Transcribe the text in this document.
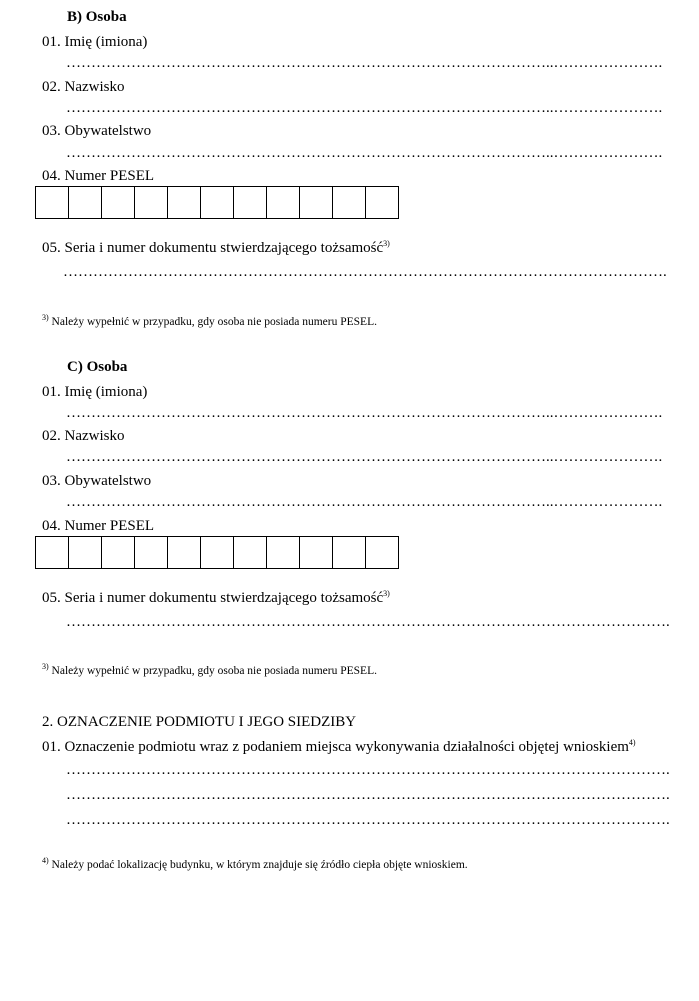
B) Osoba
01. Imię (imiona)
……………………………………………………………………………………..………………….
02. Nazwisko
……………………………………………………………………………………..………………….
03. Obywatelstwo
……………………………………………………………………………………..………………….
04. Numer PESEL
05. Seria i numer dokumentu stwierdzającego tożsamość$^{3)}$
………………………………………………………………………………………………………….
$^{3)}$ Należy wypełnić w przypadku, gdy osoba nie posiada numeru PESEL.
C) Osoba
01. Imię (imiona)
……………………………………………………………………………………..………………….
02. Nazwisko
……………………………………………………………………………………..………………….
03. Obywatelstwo
……………………………………………………………………………………..………………….
04. Numer PESEL
05. Seria i numer dokumentu stwierdzającego tożsamość$^{3)}$
………………………………………………………………………………………………………….
$^{3)}$ Należy wypełnić w przypadku, gdy osoba nie posiada numeru PESEL.
2. OZNACZENIE PODMIOTU I JEGO SIEDZIBY
01. Oznaczenie podmiotu wraz z podaniem miejsca wykonywania działalności objętej wnioskiem$^{4)}$
………………………………………………………………………………………………………….
………………………………………………………………………………………………………….
………………………………………………………………………………………………………….
$^{4)}$ Należy podać lokalizację budynku, w którym znajduje się źródło ciepła objęte wnioskiem.
